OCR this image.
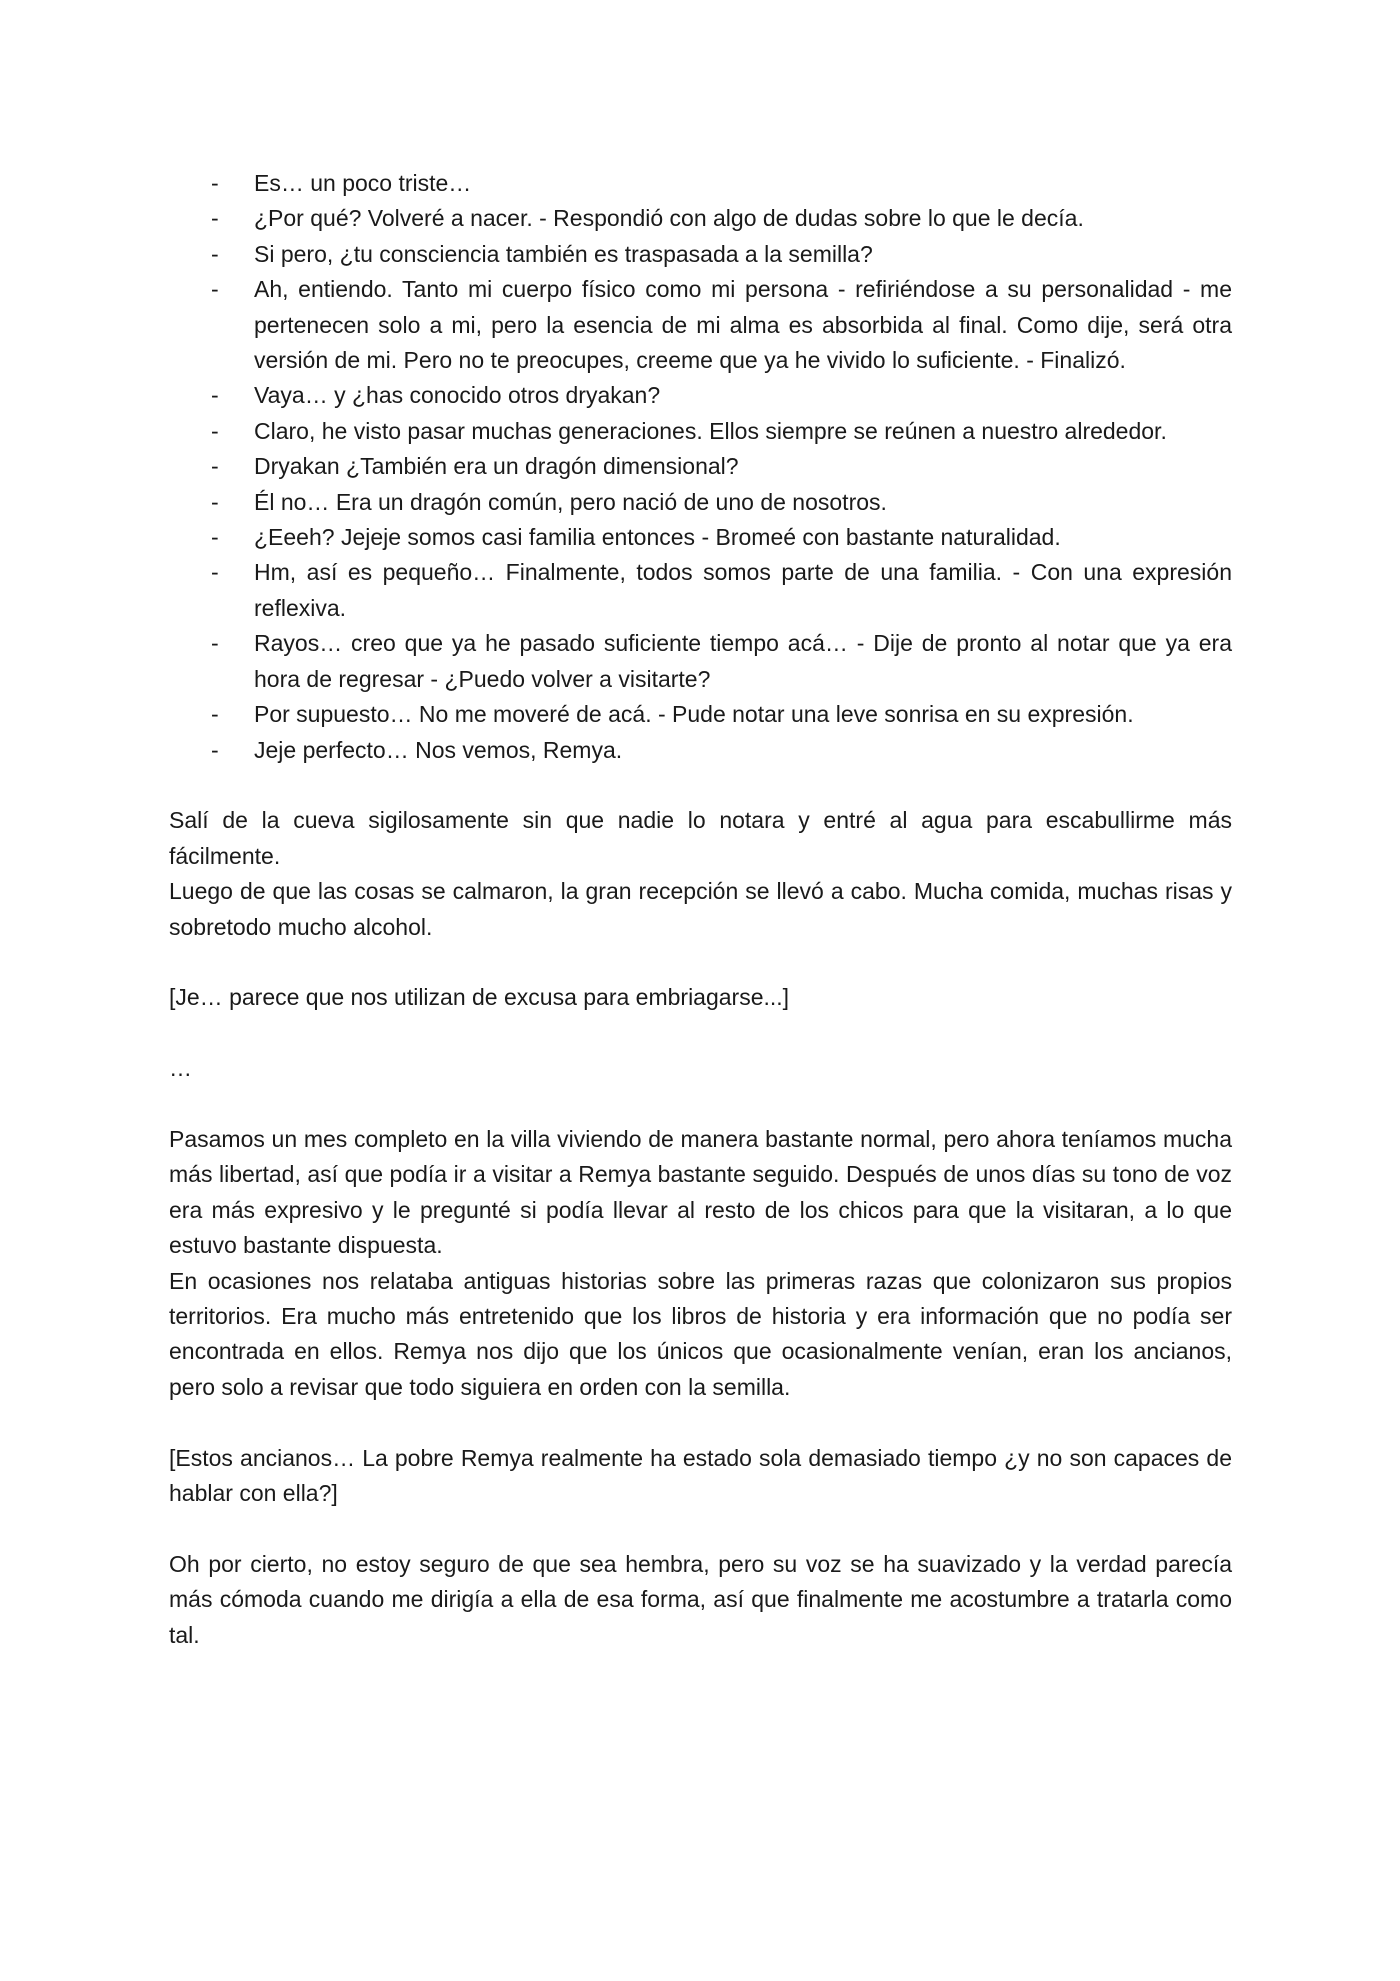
- Es… un poco triste…
- ¿Por qué? Volveré a nacer. - Respondió con algo de dudas sobre lo que le decía.
- Si pero, ¿tu consciencia también es traspasada a la semilla?
- Ah, entiendo. Tanto mi cuerpo físico como mi persona - refiriéndose a su personalidad - me pertenecen solo a mi, pero la esencia de mi alma es absorbida al final. Como dije, será otra versión de mi. Pero no te preocupes, creeme que ya he vivido lo suficiente. - Finalizó.
- Vaya… y ¿has conocido otros dryakan?
- Claro, he visto pasar muchas generaciones. Ellos siempre se reúnen a nuestro alrededor.
- Dryakan ¿También era un dragón dimensional?
- Él no… Era un dragón común, pero nació de uno de nosotros.
- ¿Eeeh? Jejeje somos casi familia entonces - Bromeé con bastante naturalidad.
- Hm, así es pequeño… Finalmente, todos somos parte de una familia. - Con una expresión reflexiva.
- Rayos… creo que ya he pasado suficiente tiempo acá… - Dije de pronto al notar que ya era hora de regresar - ¿Puedo volver a visitarte?
- Por supuesto… No me moveré de acá. - Pude notar una leve sonrisa en su expresión.
- Jeje perfecto… Nos vemos, Remya.

Salí de la cueva sigilosamente sin que nadie lo notara y entré al agua para escabullirme más fácilmente.

Luego de que las cosas se calmaron, la gran recepción se llevó a cabo. Mucha comida, muchas risas y sobretodo mucho alcohol.

[Je… parece que nos utilizan de excusa para embriagarse...]

…

Pasamos un mes completo en la villa viviendo de manera bastante normal, pero ahora teníamos mucha más libertad, así que podía ir a visitar a Remya bastante seguido. Después de unos días su tono de voz era más expresivo y le pregunté si podía llevar al resto de los chicos para que la visitaran, a lo que estuvo bastante dispuesta.

En ocasiones nos relataba antiguas historias sobre las primeras razas que colonizaron sus propios territorios. Era mucho más entretenido que los libros de historia y era información que no podía ser encontrada en ellos. Remya nos dijo que los únicos que ocasionalmente venían, eran los ancianos, pero solo a revisar que todo siguiera en orden con la semilla.

[Estos ancianos… La pobre Remya realmente ha estado sola demasiado tiempo ¿y no son capaces de hablar con ella?]

Oh por cierto, no estoy seguro de que sea hembra, pero su voz se ha suavizado y la verdad parecía más cómoda cuando me dirigía a ella de esa forma, así que finalmente me acostumbre a tratarla como tal.
